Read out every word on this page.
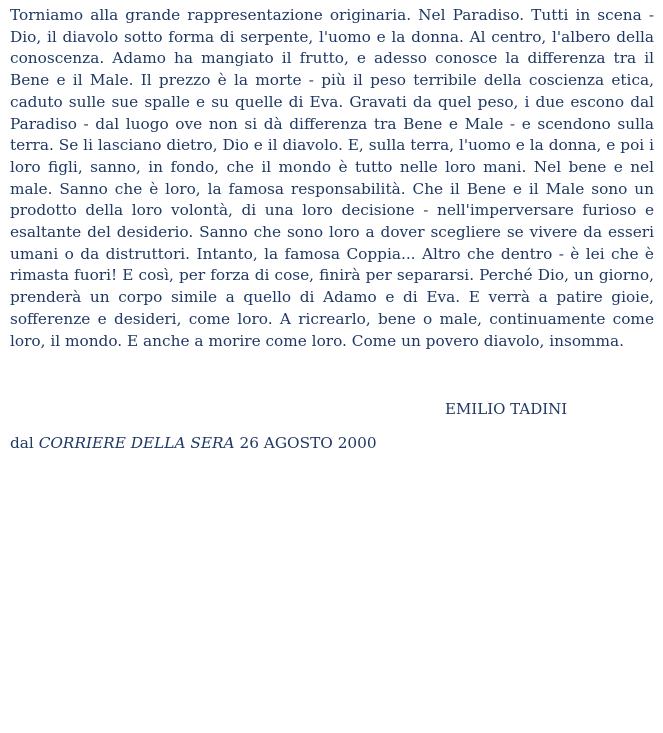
Torniamo alla grande rappresentazione originaria. Nel Paradiso. Tutti in scena - Dio, il diavolo sotto forma di serpente, l'uomo e la donna. Al centro, l'albero della conoscenza. Adamo ha mangiato il frutto, e adesso conosce la differenza tra il Bene e il Male. Il prezzo è la morte - più il peso terribile della coscienza etica, caduto sulle sue spalle e su quelle di Eva. Gravati da quel peso, i due escono dal Paradiso - dal luogo ove non si dà differenza tra Bene e Male - e scendono sulla terra. Se li lasciano dietro, Dio e il diavolo. E, sulla terra, l'uomo e la donna, e poi i loro figli, sanno, in fondo, che il mondo è tutto nelle loro mani. Nel bene e nel male. Sanno che è loro, la famosa responsabilità. Che il Bene e il Male sono un prodotto della loro volontà, di una loro decisione - nell'imperversare furioso e esaltante del desiderio. Sanno che sono loro a dover scegliere se vivere da esseri umani o da distruttori. Intanto, la famosa Coppia... Altro che dentro - è lei che è rimasta fuori! E così, per forza di cose, finirà per separarsi. Perché Dio, un giorno, prenderà un corpo simile a quello di Adamo e di Eva. E verrà a patire gioie, sofferenze e desideri, come loro. A ricrearlo, bene o male, continuamente come loro, il mondo. E anche a morire come loro. Come un povero diavolo, insomma.

EMILIO TADINI

dal CORRIERE DELLA SERA 26 AGOSTO 2000
